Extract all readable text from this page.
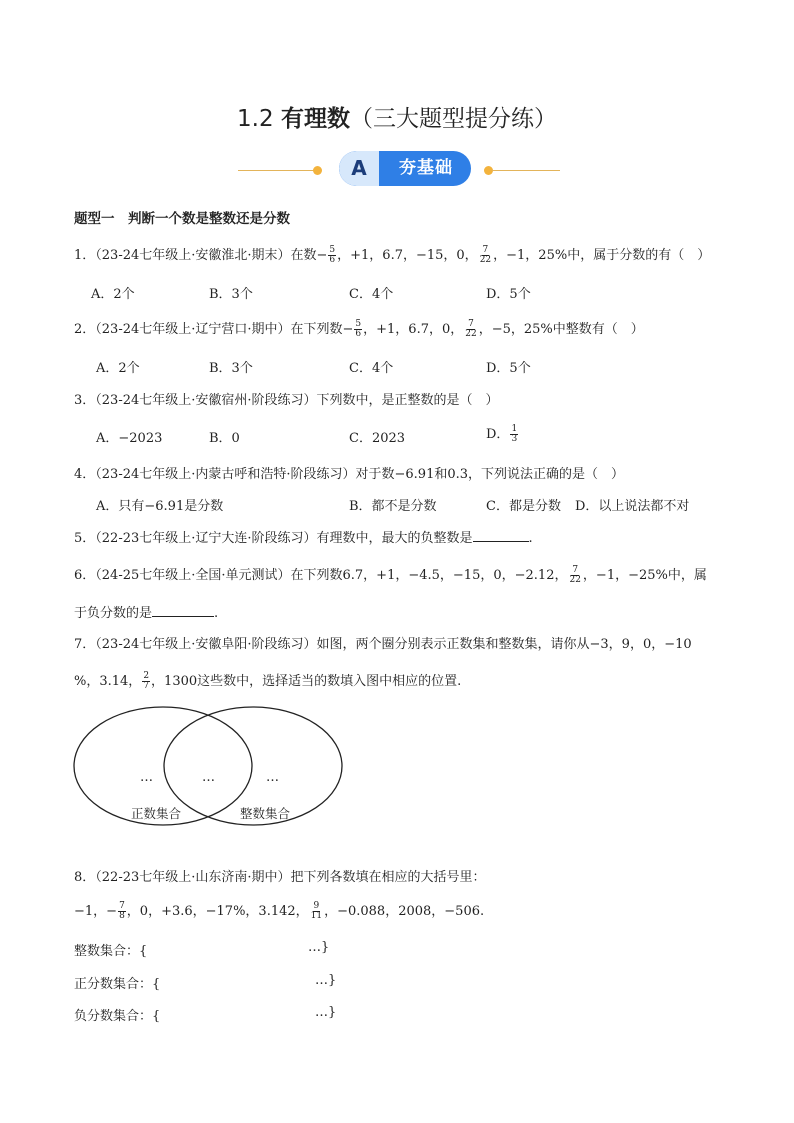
1.2 有理数（三大题型提分练）
A	夯基础
题型一　判断一个数是整数还是分数
1．（23-24七年级上·安徽淮北·期末）在数− $\frac{5}{6}$ ，+1，6.7，−15，0， $\frac{7}{22}$ ，−1，25%中，属于分数的有（　）
A．2个	B．3个	C．4个	D．5个
2．（23-24七年级上·辽宁营口·期中）在下列数− $\frac{5}{6}$ ，+1，6.7，0， $\frac{7}{22}$ ，−5，25%中整数有（　）
A．2个	B．3个	C．4个	D．5个
3．（23-24七年级上·安徽宿州·阶段练习）下列数中，是正整数的是（　）
A．−2023	B．0	C．2023	D． $\frac{1}{3}$
4．（23-24七年级上·内蒙古呼和浩特·阶段练习）对于数−6.91和0.3，下列说法正确的是（　）
A．只有−6.91是分数	B．都不是分数	C．都是分数 D．以上说法都不对
5．（22-23七年级上·辽宁大连·阶段练习）有理数中，最大的负整数是	.
6．（24-25七年级上·全国·单元测试）在下列数6.7，+1，−4.5，−15，0，−2.12， $\frac{7}{22}$ ，−1，−25%中，属
于负分数的是	.
7．（23-24七年级上·安徽阜阳·阶段练习）如图，两个圈分别表示正数集和整数集，请你从−3，9，0，−10
%，3.14， $\frac{2}{7}$ ，1300这些数中，选择适当的数填入图中相应的位置.
…	…	…
正数集合	整数集合
8．（22-23七年级上·山东济南·期中）把下列各数填在相应的大括号里：
−1，− $\frac{7}{8}$ ，0，+3.6，−17%，3.142， $\frac{9}{11}$ ，−0.088，2008，−506.
整数集合：{	…}
正分数集合：{	…}
负分数集合：{	…}
